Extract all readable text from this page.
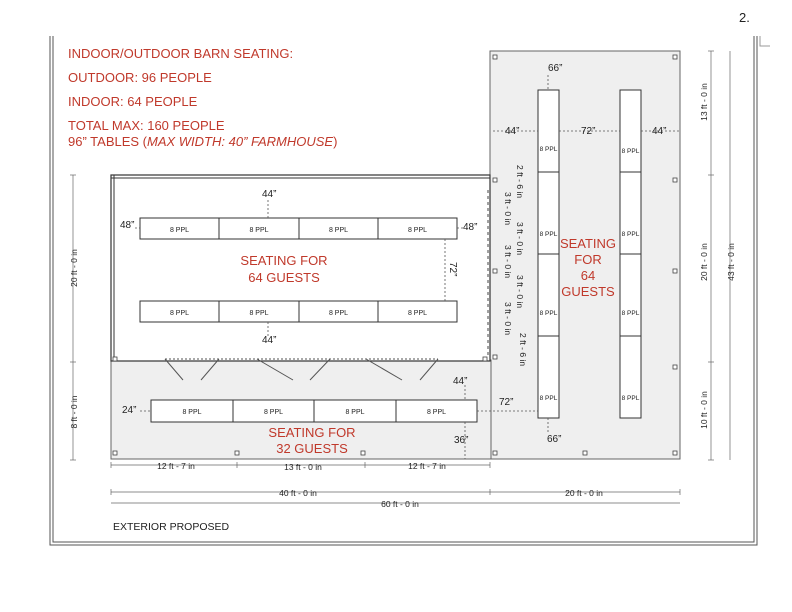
2.
INDOOR/OUTDOOR BARN SEATING:
OUTDOOR: 96 PEOPLE
INDOOR: 64 PEOPLE
TOTAL MAX: 160 PEOPLE
96” TABLES (MAX WIDTH: 40” FARMHOUSE)
EXTERIOR PROPOSED
8 PPL	8 PPL	8 PPL	8 PPL
8 PPL	8 PPL	8 PPL	8 PPL
8 PPL	8 PPL	8 PPL	8 PPL
8 PPL
8 PPL
8 PPL
8 PPL
8 PPL
8 PPL
8 PPL
8 PPL
44”
44”
48”	48”
72”
66”
44”	72”	44”
66”
24”
72”
44”
36”
2 ft - 6 in
3 ft - 0 in
3 ft - 0 in
3 ft - 0 in
3 ft - 0 in
3 ft - 0 in
2 ft - 6 in
SEATING FOR
64 GUESTS
SEATING
FOR
64
GUESTS
SEATING FOR
32 GUESTS
20 ft - 0 in
8 ft - 0 in
13 ft - 0 in
20 ft - 0 in
10 ft - 0 in
43 ft - 0 in
12 ft - 7 in	13 ft - 0 in	12 ft - 7 in
40 ft - 0 in	20 ft - 0 in
60 ft - 0 in
